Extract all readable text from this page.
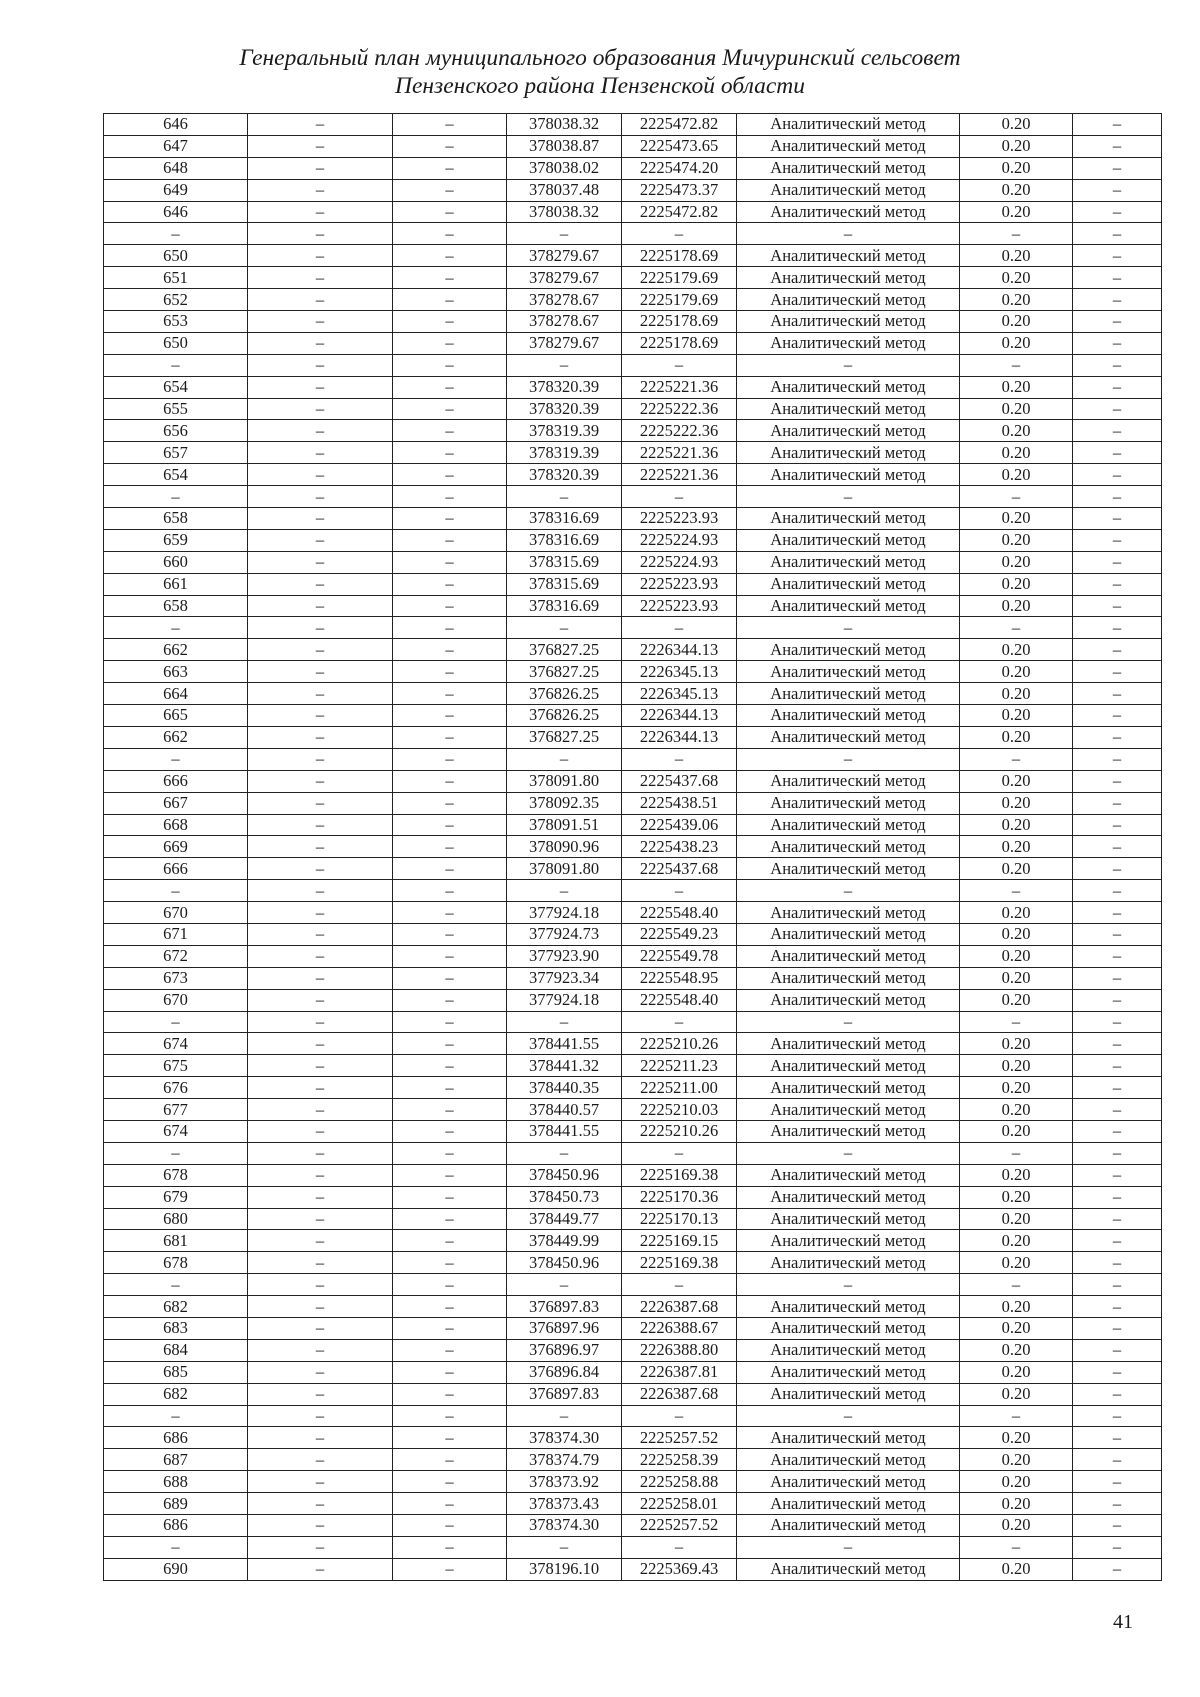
Генеральный план муниципального образования Мичуринский сельсовет
Пензенского района Пензенской области
646	–	–	378038.32	2225472.82	Аналитический метод	0.20	–
647	–	–	378038.87	2225473.65	Аналитический метод	0.20	–
648	–	–	378038.02	2225474.20	Аналитический метод	0.20	–
649	–	–	378037.48	2225473.37	Аналитический метод	0.20	–
646	–	–	378038.32	2225472.82	Аналитический метод	0.20	–
–	–	–	–	–	–	–	–
650	–	–	378279.67	2225178.69	Аналитический метод	0.20	–
651	–	–	378279.67	2225179.69	Аналитический метод	0.20	–
652	–	–	378278.67	2225179.69	Аналитический метод	0.20	–
653	–	–	378278.67	2225178.69	Аналитический метод	0.20	–
650	–	–	378279.67	2225178.69	Аналитический метод	0.20	–
–	–	–	–	–	–	–	–
654	–	–	378320.39	2225221.36	Аналитический метод	0.20	–
655	–	–	378320.39	2225222.36	Аналитический метод	0.20	–
656	–	–	378319.39	2225222.36	Аналитический метод	0.20	–
657	–	–	378319.39	2225221.36	Аналитический метод	0.20	–
654	–	–	378320.39	2225221.36	Аналитический метод	0.20	–
–	–	–	–	–	–	–	–
658	–	–	378316.69	2225223.93	Аналитический метод	0.20	–
659	–	–	378316.69	2225224.93	Аналитический метод	0.20	–
660	–	–	378315.69	2225224.93	Аналитический метод	0.20	–
661	–	–	378315.69	2225223.93	Аналитический метод	0.20	–
658	–	–	378316.69	2225223.93	Аналитический метод	0.20	–
–	–	–	–	–	–	–	–
662	–	–	376827.25	2226344.13	Аналитический метод	0.20	–
663	–	–	376827.25	2226345.13	Аналитический метод	0.20	–
664	–	–	376826.25	2226345.13	Аналитический метод	0.20	–
665	–	–	376826.25	2226344.13	Аналитический метод	0.20	–
662	–	–	376827.25	2226344.13	Аналитический метод	0.20	–
–	–	–	–	–	–	–	–
666	–	–	378091.80	2225437.68	Аналитический метод	0.20	–
667	–	–	378092.35	2225438.51	Аналитический метод	0.20	–
668	–	–	378091.51	2225439.06	Аналитический метод	0.20	–
669	–	–	378090.96	2225438.23	Аналитический метод	0.20	–
666	–	–	378091.80	2225437.68	Аналитический метод	0.20	–
–	–	–	–	–	–	–	–
670	–	–	377924.18	2225548.40	Аналитический метод	0.20	–
671	–	–	377924.73	2225549.23	Аналитический метод	0.20	–
672	–	–	377923.90	2225549.78	Аналитический метод	0.20	–
673	–	–	377923.34	2225548.95	Аналитический метод	0.20	–
670	–	–	377924.18	2225548.40	Аналитический метод	0.20	–
–	–	–	–	–	–	–	–
674	–	–	378441.55	2225210.26	Аналитический метод	0.20	–
675	–	–	378441.32	2225211.23	Аналитический метод	0.20	–
676	–	–	378440.35	2225211.00	Аналитический метод	0.20	–
677	–	–	378440.57	2225210.03	Аналитический метод	0.20	–
674	–	–	378441.55	2225210.26	Аналитический метод	0.20	–
–	–	–	–	–	–	–	–
678	–	–	378450.96	2225169.38	Аналитический метод	0.20	–
679	–	–	378450.73	2225170.36	Аналитический метод	0.20	–
680	–	–	378449.77	2225170.13	Аналитический метод	0.20	–
681	–	–	378449.99	2225169.15	Аналитический метод	0.20	–
678	–	–	378450.96	2225169.38	Аналитический метод	0.20	–
–	–	–	–	–	–	–	–
682	–	–	376897.83	2226387.68	Аналитический метод	0.20	–
683	–	–	376897.96	2226388.67	Аналитический метод	0.20	–
684	–	–	376896.97	2226388.80	Аналитический метод	0.20	–
685	–	–	376896.84	2226387.81	Аналитический метод	0.20	–
682	–	–	376897.83	2226387.68	Аналитический метод	0.20	–
–	–	–	–	–	–	–	–
686	–	–	378374.30	2225257.52	Аналитический метод	0.20	–
687	–	–	378374.79	2225258.39	Аналитический метод	0.20	–
688	–	–	378373.92	2225258.88	Аналитический метод	0.20	–
689	–	–	378373.43	2225258.01	Аналитический метод	0.20	–
686	–	–	378374.30	2225257.52	Аналитический метод	0.20	–
–	–	–	–	–	–	–	–
690	–	–	378196.10	2225369.43	Аналитический метод	0.20	–
41
